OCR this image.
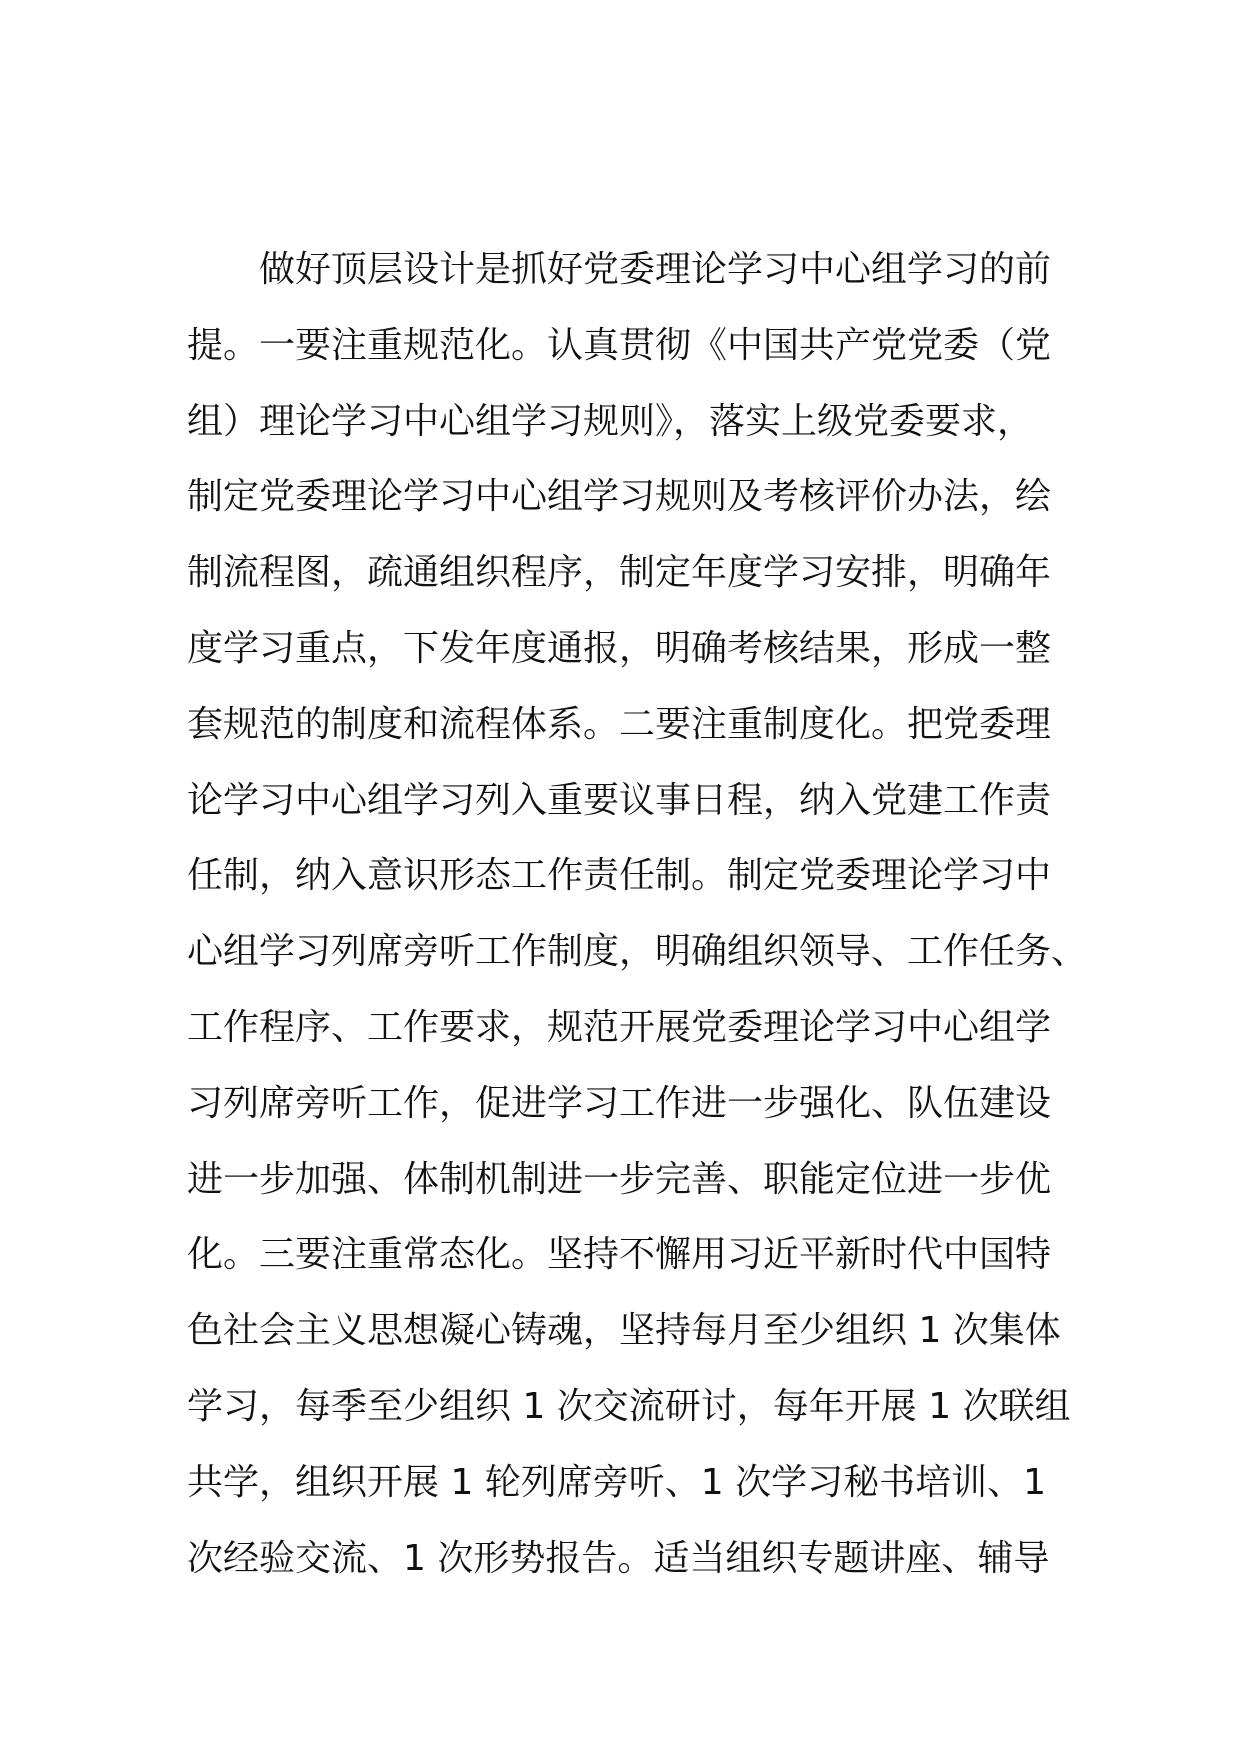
做好顶层设计是抓好党委理论学习中心组学习的前
提。一要注重规范化。认真贯彻《中国共产党党委（党
组）理论学习中心组学习规则》，落实上级党委要求，
制定党委理论学习中心组学习规则及考核评价办法，绘
制流程图，疏通组织程序，制定年度学习安排，明确年
度学习重点，下发年度通报，明确考核结果，形成一整
套规范的制度和流程体系。二要注重制度化。把党委理
论学习中心组学习列入重要议事日程，纳入党建工作责
任制，纳入意识形态工作责任制。制定党委理论学习中
心组学习列席旁听工作制度，明确组织领导、工作任务、
工作程序、工作要求，规范开展党委理论学习中心组学
习列席旁听工作，促进学习工作进一步强化、队伍建设
进一步加强、体制机制进一步完善、职能定位进一步优
化。三要注重常态化。坚持不懈用习近平新时代中国特
色社会主义思想凝心铸魂，坚持每月至少组织 1 次集体
学习，每季至少组织 1 次交流研讨，每年开展 1 次联组
共学，组织开展 1 轮列席旁听、1 次学习秘书培训、1
次经验交流、1 次形势报告。适当组织专题讲座、辅导
